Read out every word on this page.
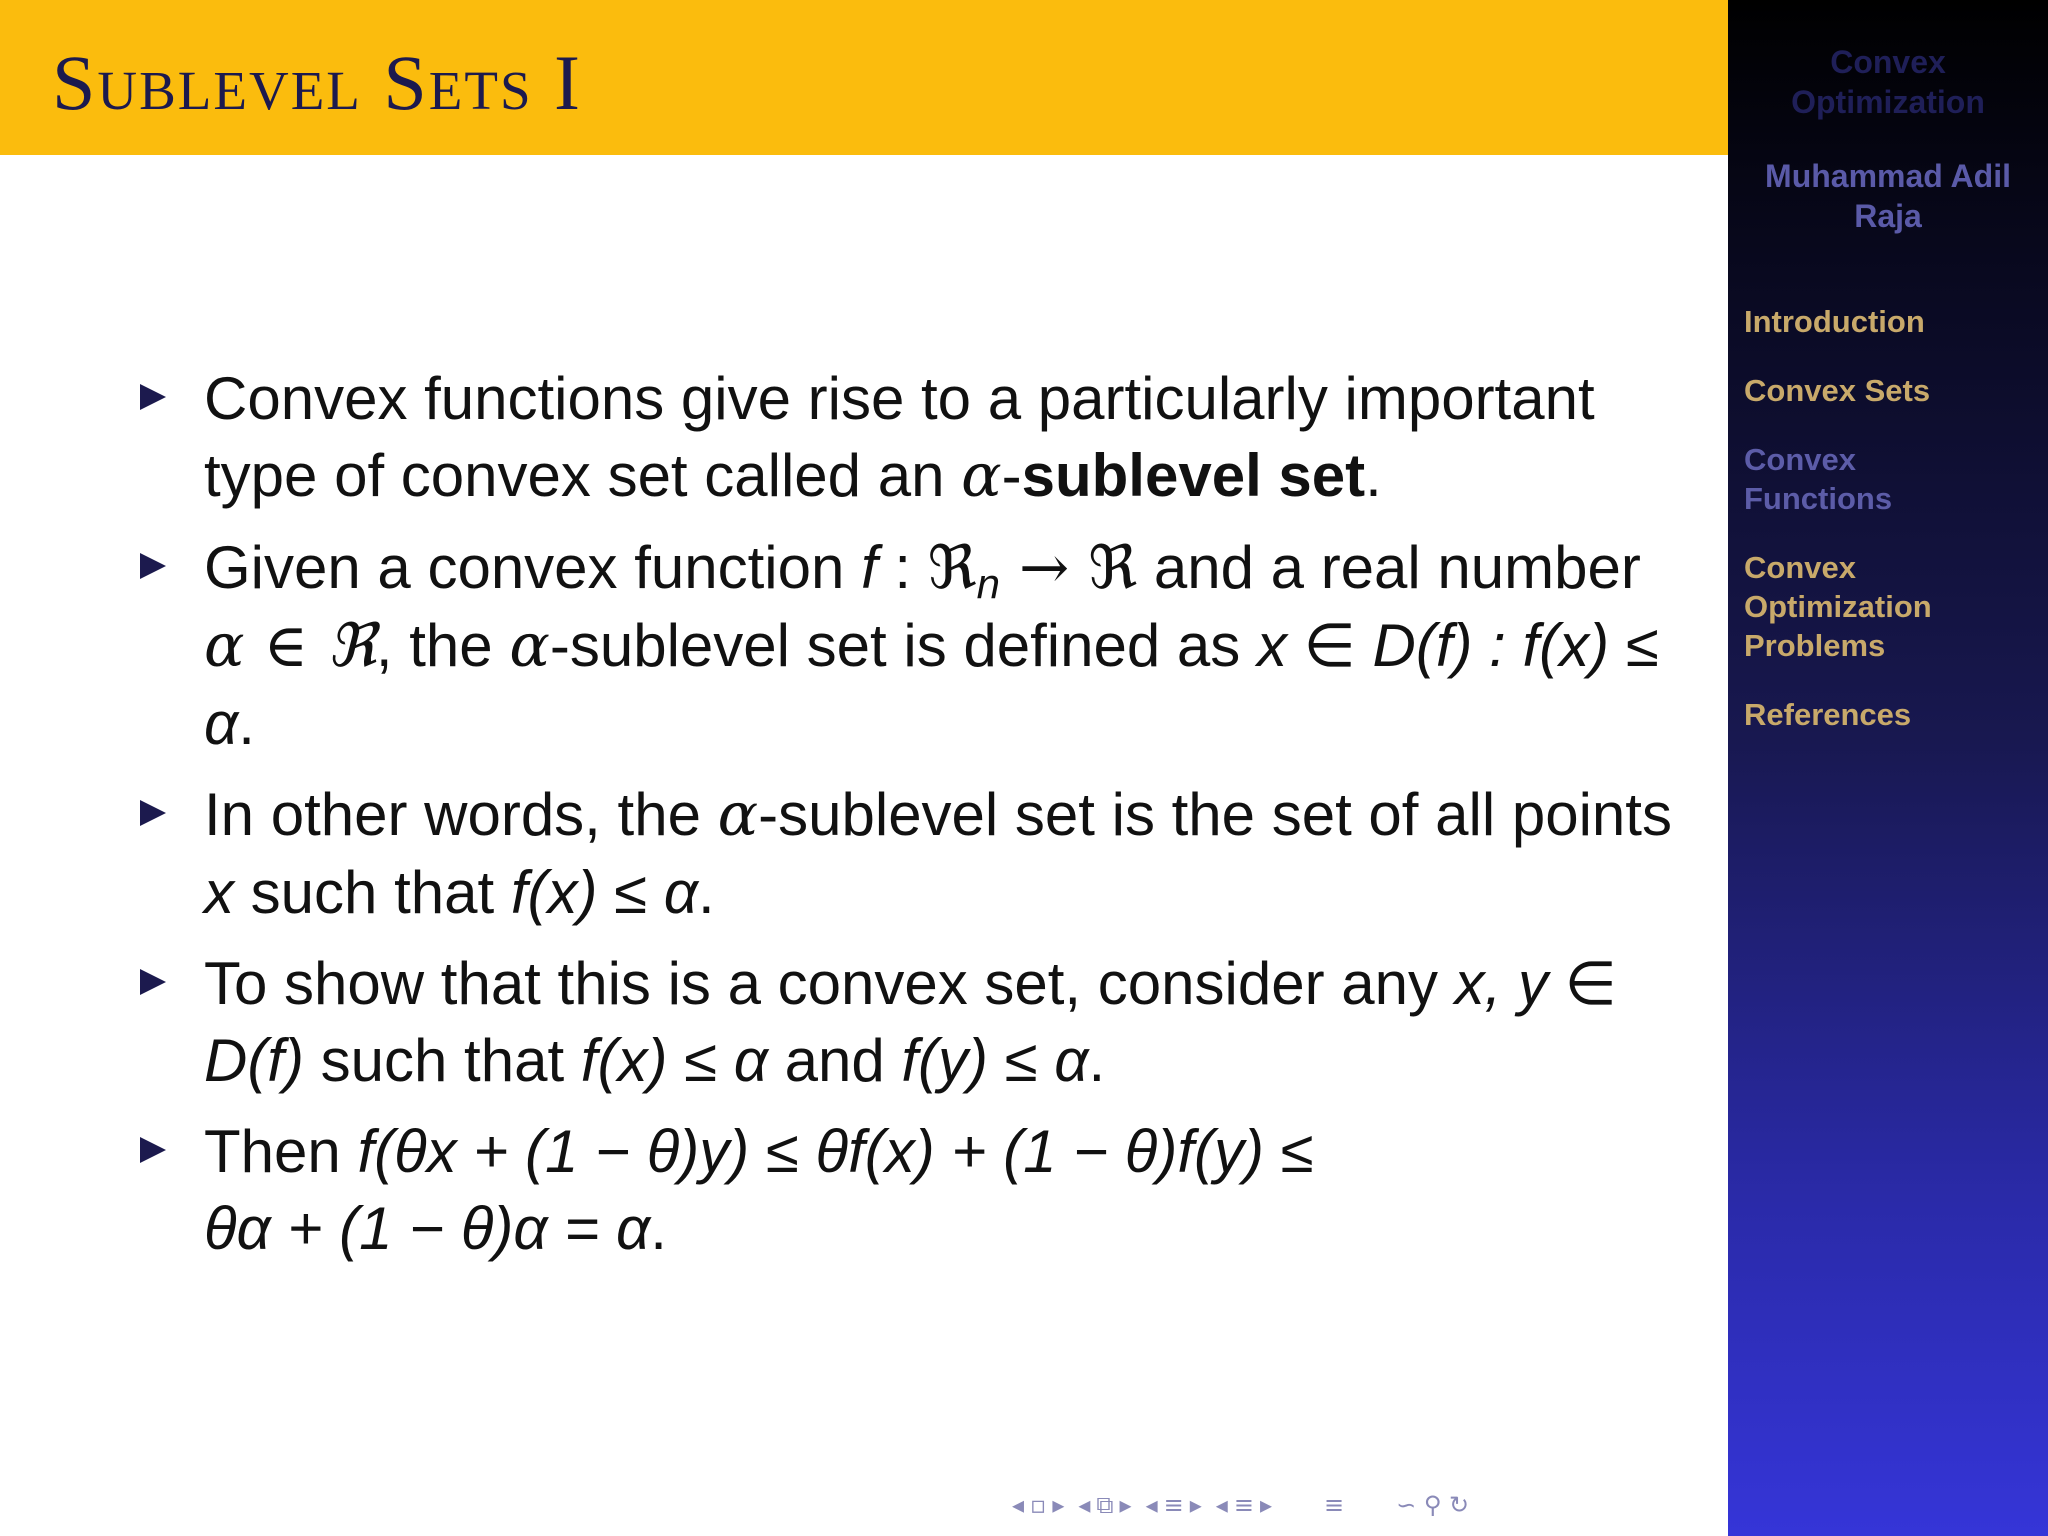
Sublevel Sets I	Convex
Optimization
Muhammad Adil
Raja
Introduction
Convex Sets
Convex
Functions
Convex
Optimization
Problems
References
Convex functions give rise to a particularly important type of convex set called an α-sublevel set.
Given a convex function f : ℜ$_n$ → ℜ and a real number α ∈ ℜ, the α-sublevel set is defined as x ∈ D(f) : f(x) ≤ α.
In other words, the α-sublevel set is the set of all points x such that f(x) ≤ α.
To show that this is a convex set, consider any x, y ∈ D(f) such that f(x) ≤ α and f(y) ≤ α.
Then f(θx + (1 − θ)y) ≤ θf(x) + (1 − θ)f(y) ≤
θα + (1 − θ)α = α.
◂ ▫ ▸ ◂ ⧉ ▸ ◂ ≡ ▸ ◂ ≡ ▸ ≡ ∽ ⚲ ↻
